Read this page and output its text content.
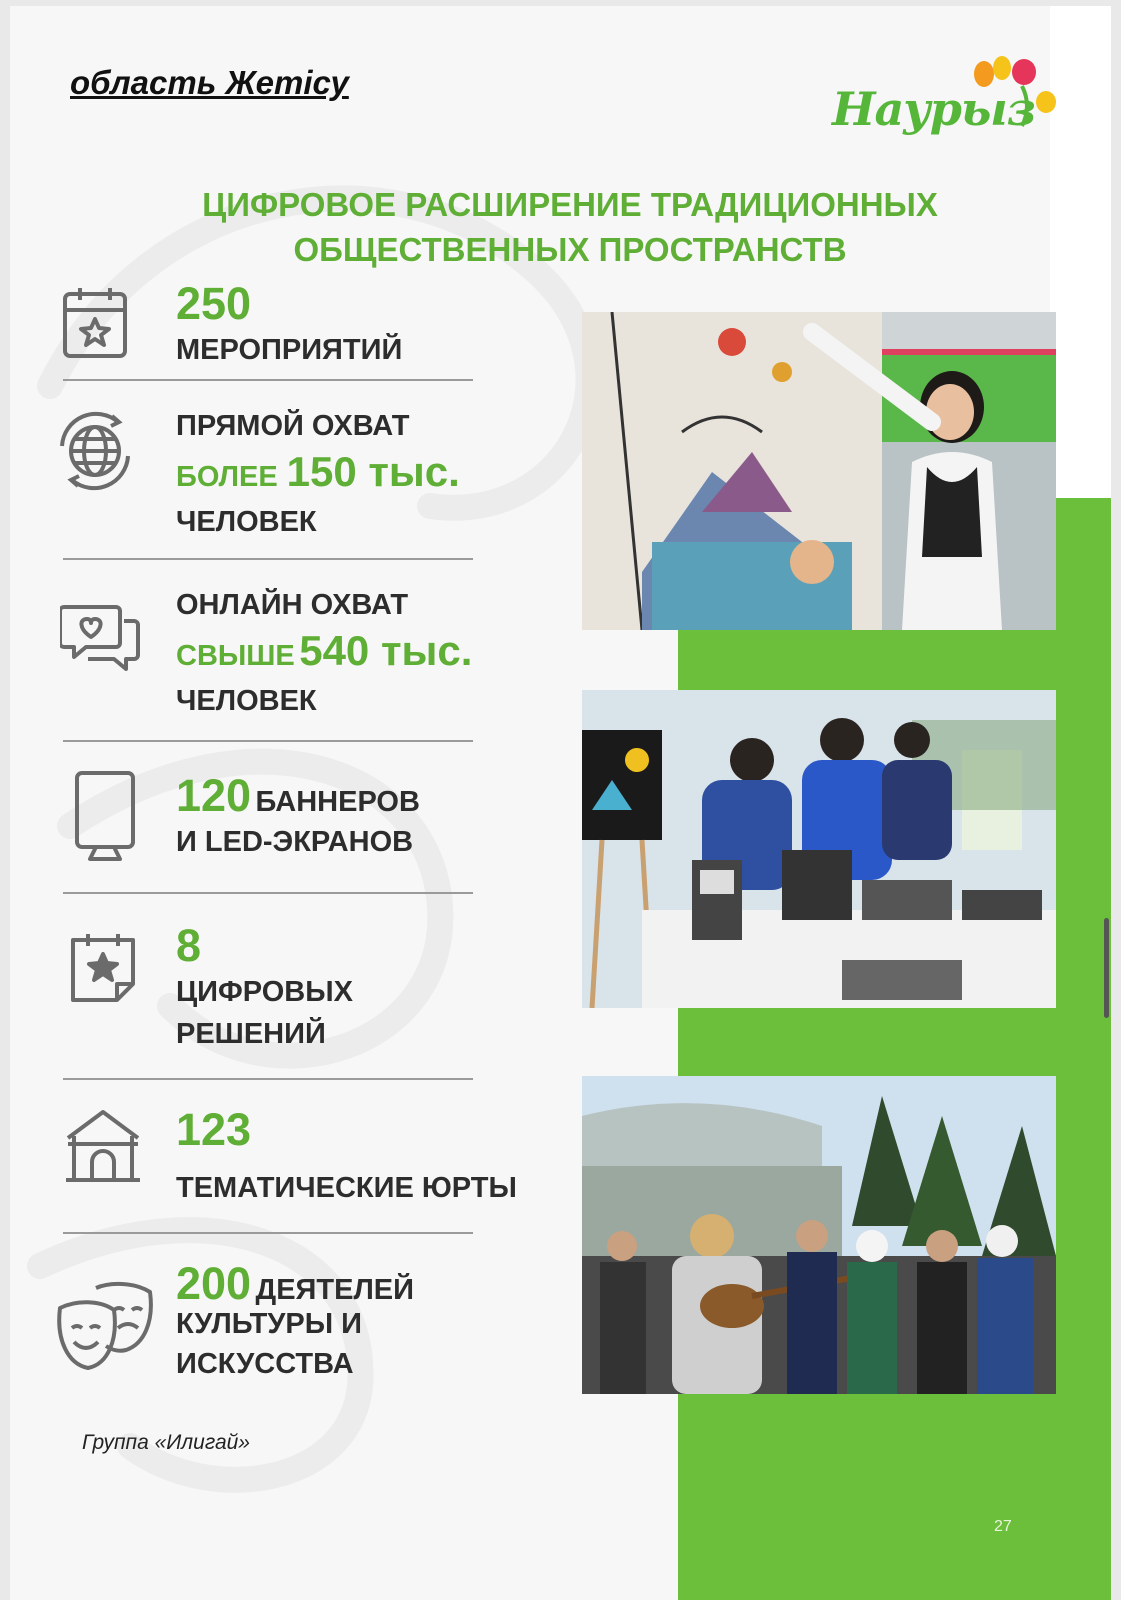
область Жетісу	Наурыз
ЦИФРОВОЕ РАСШИРЕНИЕ ТРАДИЦИОННЫХ
ОБЩЕСТВЕННЫХ ПРОСТРАНСТВ
250
МЕРОПРИЯТИЙ
ПРЯМОЙ ОХВАТ
БОЛЕЕ 150 тыс.
ЧЕЛОВЕК
ОНЛАЙН ОХВАТ
СВЫШЕ 540 тыс.
ЧЕЛОВЕК
120 БАННЕРОВ
И LED-ЭКРАНОВ
8
ЦИФРОВЫХ
РЕШЕНИЙ
123
ТЕМАТИЧЕСКИЕ ЮРТЫ
200 ДЕЯТЕЛЕЙ
КУЛЬТУРЫ И
ИСКУССТВА
Группа «Илигай»
27
